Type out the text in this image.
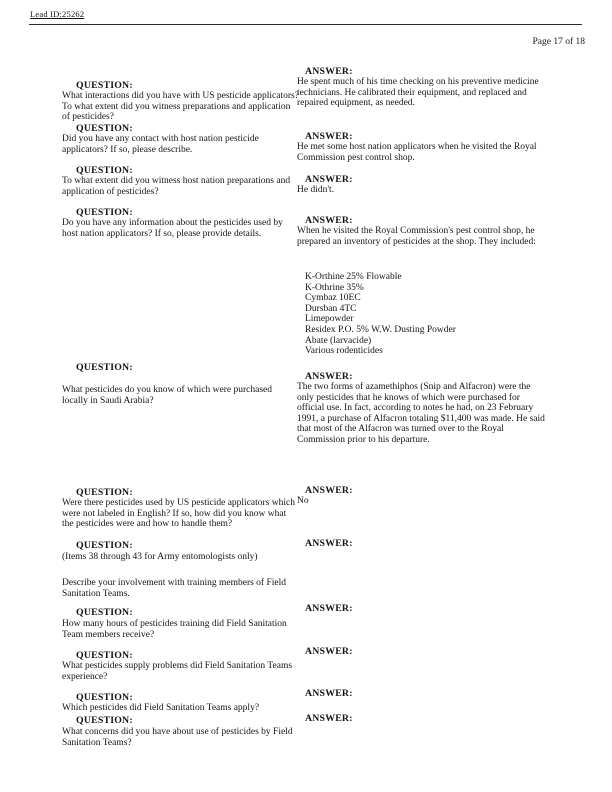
Lead ID:25262
Page 17 of 18
ANSWER:
He spent much of his time checking on his preventive medicine technicians. He calibrated their equipment, and replaced and repaired equipment, as needed.
QUESTION:
What interactions did you have with US pesticide applicators? To what extent did you witness preparations and application of pesticides?
QUESTION:
Did you have any contact with host nation pesticide applicators? If so, please describe.
ANSWER:
He met some host nation applicators when he visited the Royal Commission pest control shop.
QUESTION:
To what extent did you witness host nation preparations and application of pesticides?
ANSWER:
He didn't.
QUESTION:
Do you have any information about the pesticides used by host nation applicators? If so, please provide details.
ANSWER:
When he visited the Royal Commission's pest control shop, he prepared an inventory of pesticides at the shop. They included:
K-Orthine 25% Flowable
K-Othrine 35%
Cymbaz 10EC
Dursban 4TC
Limepowder
Residex P.O. 5% W.W. Dusting Powder
Abate (larvacide)
Various rodenticides
QUESTION:
What pesticides do you know of which were purchased locally in Saudi Arabia?
ANSWER:
The two forms of azamethiphos (Snip and Alfacron) were the only pesticides that he knows of which were purchased for official use. In fact, according to notes he had, on 23 February 1991, a purchase of Alfacron totaling $11,400 was made. He said that most of the Alfacron was turned over to the Royal Commission prior to his departure.
QUESTION:
Were there pesticides used by US pesticide applicators which were not labeled in English? If so, how did you know what the pesticides were and how to handle them?
ANSWER:
No
QUESTION:
(Items 38 through 43 for Army entomologists only)
ANSWER:
Describe your involvement with training members of Field Sanitation Teams.
QUESTION:
How many hours of pesticides training did Field Sanitation Team members receive?
ANSWER:
QUESTION:
What pesticides supply problems did Field Sanitation Teams experience?
ANSWER:
QUESTION:
Which pesticides did Field Sanitation Teams apply?
ANSWER:
QUESTION:
What concerns did you have about use of pesticides by Field Sanitation Teams?
ANSWER:
